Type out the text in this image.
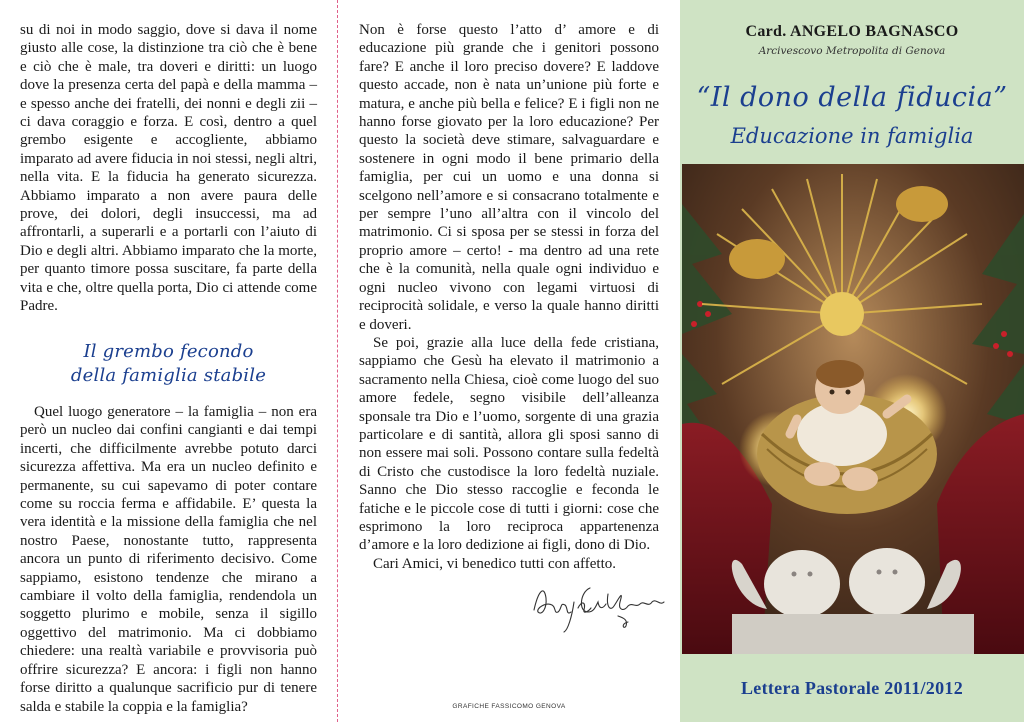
su di noi in modo saggio, dove si dava il nome giusto alle cose, la distinzione tra ciò che è bene e ciò che è male, tra doveri e diritti: un luogo dove la presenza certa del papà e della mamma – e spesso anche dei fratelli, dei nonni e degli zii – ci dava coraggio e forza. E così, dentro a quel grembo esigente e accogliente, abbiamo imparato ad avere fiducia in noi stessi, negli altri, nella vita. E la fiducia ha generato sicurezza. Abbiamo imparato a non avere paura delle prove, dei dolori, degli insuccessi, ma ad affrontarli, a superarli e a portarli con l’aiuto di Dio e degli altri. Abbiamo imparato che la morte, per quanto timore possa suscitare, fa parte della vita e che, oltre quella porta, Dio ci attende come Padre.

Il grembo fecondo
della famiglia stabile

Quel luogo generatore – la famiglia – non era però un nucleo dai confini cangianti e dai tempi incerti, che difficilmente avrebbe potuto darci sicurezza affettiva. Ma era un nucleo definito e permanente, su cui sapevamo di poter contare come su roccia ferma e affidabile. E’ questa la vera identità e la missione della famiglia che nel nostro Paese, nonostante tutto, rappresenta ancora un punto di riferimento decisivo. Come sappiamo, esistono tendenze che mirano a cambiare il volto della famiglia, rendendola un soggetto plurimo e mobile, senza il sigillo oggettivo del matrimonio. Ma ci dobbiamo chiedere: una realtà variabile e provvisoria può offrire sicurezza? E ancora: i figli non hanno forse diritto a qualunque sacrificio pur di tenere salda e stabile la coppia e la famiglia?

Non è forse questo l’atto d’ amore e di educazione più grande che i genitori possono fare? E anche il loro preciso dovere? E laddove questo accade, non è nata un’unione più forte e matura, e anche più bella e felice? E i figli non ne hanno forse giovato per la loro educazione? Per questo la società deve stimare, salvaguardare e sostenere in ogni modo il bene primario della famiglia, per cui un uomo e una donna si scelgono nell’amore e si consacrano totalmente e per sempre l’uno all’altra con il vincolo del matrimonio. Ci si sposa per se stessi in forza del proprio amore – certo! - ma dentro ad una rete che è la comunità, nella quale ogni individuo e ogni nucleo vivono con legami virtuosi di reciprocità solidale, e verso la quale hanno diritti e doveri.

Se poi, grazie alla luce della fede cristiana, sappiamo che Gesù ha elevato il matrimonio a sacramento nella Chiesa, cioè come luogo del suo amore fedele, segno visibile dell’alleanza sponsale tra Dio e l’uomo, sorgente di una grazia particolare e di santità, allora gli sposi sanno di non essere mai soli. Possono contare sulla fedeltà di Cristo che custodisce la loro fedeltà nuziale. Sanno che Dio stesso raccoglie e feconda le fatiche e le piccole cose di tutti i giorni: cose che esprimono la loro reciproca appartenenza d’amore e la loro dedizione ai figli, dono di Dio.

Cari Amici, vi benedico tutti con affetto.

GRAFICHE FASSICOMO GENOVA
Card. ANGELO BAGNASCO
Arcivescovo Metropolita di Genova
“Il dono della fiducia”
Educazione in famiglia
Lettera Pastorale 2011/2012
